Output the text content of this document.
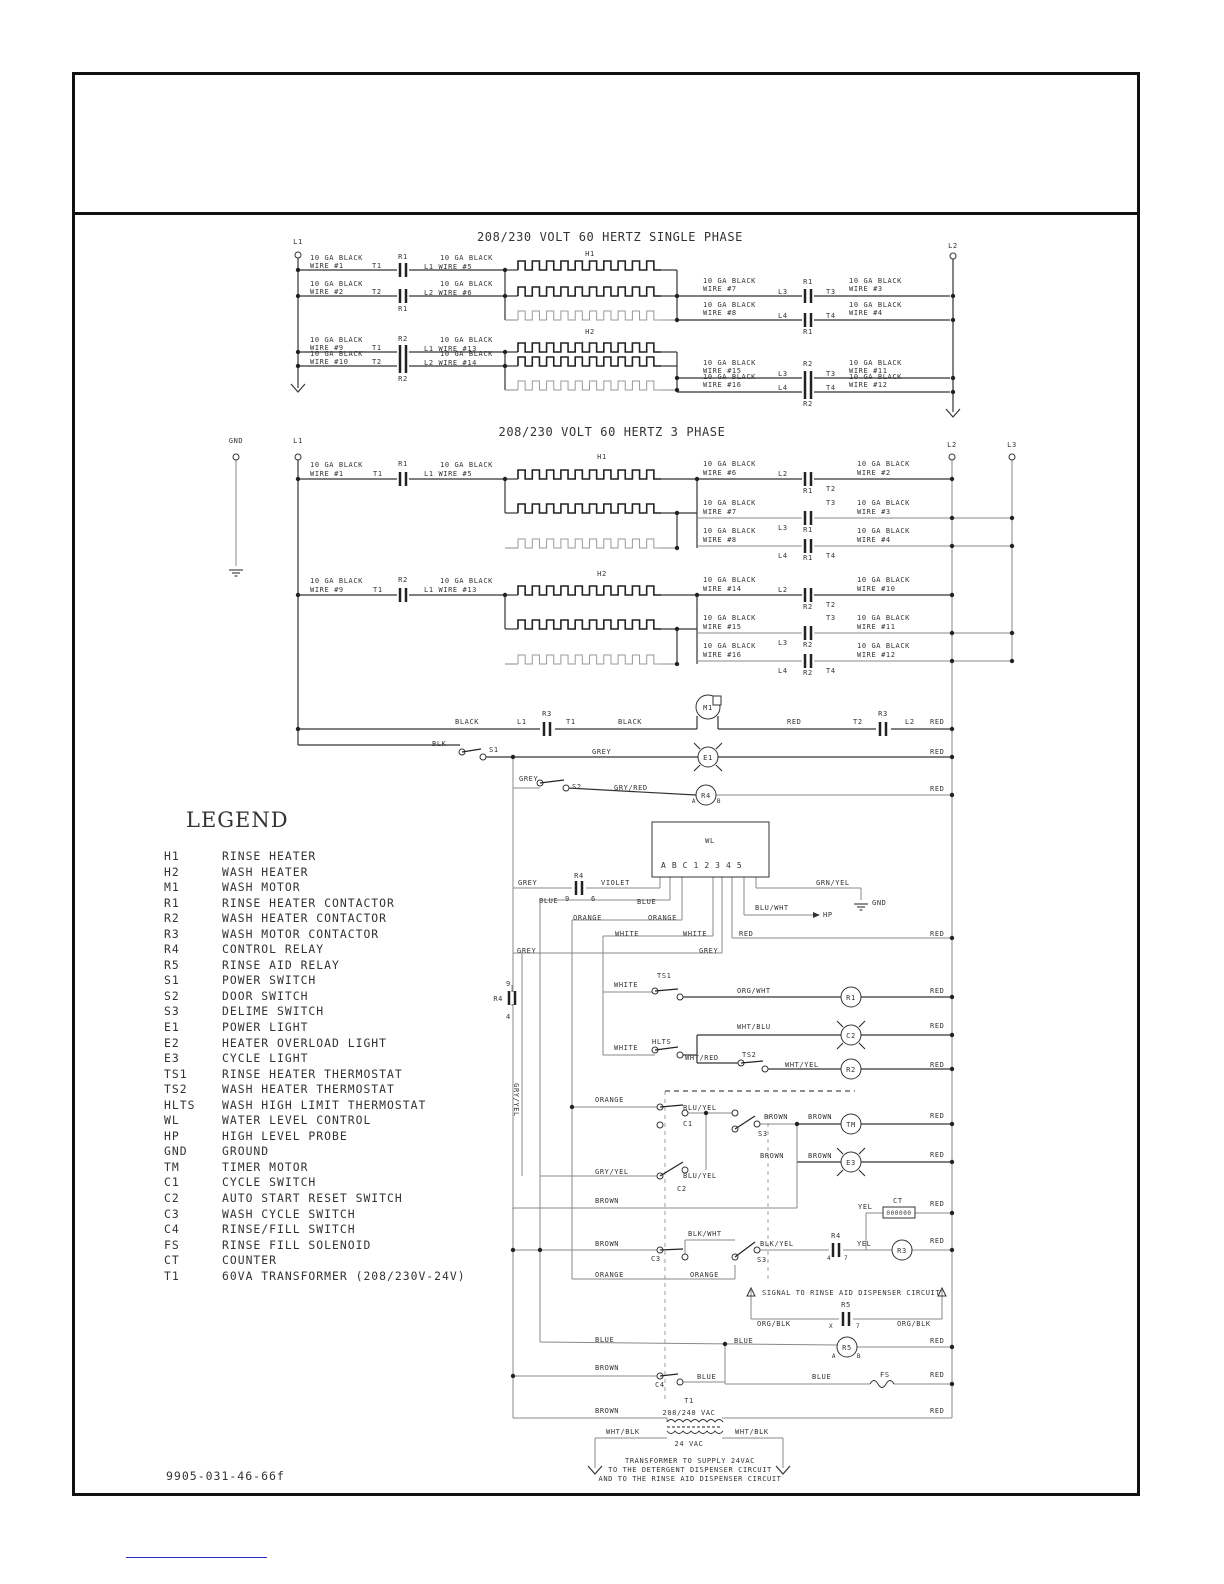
208/230 VOLT 60 HERTZ SINGLE PHASE
L1	L2
10 GA BLACK
WIRE #1	T1
R1
L1 WIRE #5
10 GA BLACK
10 GA BLACK
WIRE #2	T2
R1
L2 WIRE #6
10 GA BLACK
10 GA BLACK
WIRE #9	T1
R2
L1 WIRE #13
10 GA BLACK
10 GA BLACK
WIRE #10	T2
R2
L2 WIRE #14
10 GA BLACK
H1
H2
10 GA BLACK
WIRE #7	L3
R1
T3
10 GA BLACK
WIRE #3
10 GA BLACK
WIRE #8	L4
R1
T4
10 GA BLACK
WIRE #4
10 GA BLACK
WIRE #15	L3
R2
T3
10 GA BLACK
WIRE #11
10 GA BLACK
WIRE #16	L4
R2
T4
10 GA BLACK
WIRE #12
208/230 VOLT 60 HERTZ 3 PHASE
GND	L1	L2	L3
10 GA BLACK
WIRE #1	T1
R1
L1 WIRE #5
10 GA BLACK
H1
10 GA BLACK
WIRE #9	T1
R2
L1 WIRE #13
10 GA BLACK
H2
10 GA BLACK
WIRE #6	L2
R1 T2
10 GA BLACK
WIRE #2
10 GA BLACK
WIRE #7
L3 R1
T3	10 GA BLACK
WIRE #3
10 GA BLACK
WIRE #8
L4 R1 T4
10 GA BLACK
WIRE #4
10 GA BLACK
WIRE #14	L2
R2 T2
10 GA BLACK
WIRE #10
10 GA BLACK
WIRE #15
L3 R2
T3	10 GA BLACK
WIRE #11
10 GA BLACK
WIRE #16
L4 R2 T4
10 GA BLACK
WIRE #12
BLACK	L1
R3
T1	BLACK
M1
RED	T2
R3
L2 RED
BLK
S1	GREY
E1
RED
GREY
S2	GRY/RED
R4
A	B
RED
WL
A B C 1 2 3 4 5
GREY
R4
9	6
VIOLET
BLUE	BLUE
ORANGE	ORANGE
WHITE	WHITE
GREY	GREY
RED	RED
BLU/WHT
HP
GRN/YEL
GND
R4
9
4
WHITE
TS1
ORG/WHT
R1
RED
C2
WHT/BLU	RED
WHITE
HLTS
WHT/RED	TS2
WHT/YEL
R2
RED
ORANGE
BLU/YEL
C1
S3
BROWN	BROWN
TM
RED
E3
BROWN	BROWN	RED
GRY/YEL
GRY/YEL	BLU/YEL
C2
BROWN
000000
CT	RED
YEL
BROWN
C3
BLK/WHT
S3
BLK/YEL
R4
4 7
YEL
R3
RED
ORANGE	ORANGE
SIGNAL TO RINSE AID DISPENSER CIRCUIT
R5
X	7
ORG/BLK	ORG/BLK
BLUE	BLUE
R5
A	B
RED
BROWN
C4
BLUE	BLUE	FS	RED
BROWN
T1
208/240 VAC	RED
24 VAC
WHT/BLK	WHT/BLK
TRANSFORMER TO SUPPLY 24VAC
TO THE DETERGENT DISPENSER CIRCUIT
AND TO THE RINSE AID DISPENSER CIRCUIT
LEGEND
H1	RINSE HEATER
H2	WASH HEATER
M1	WASH MOTOR
R1	RINSE HEATER CONTACTOR
R2	WASH HEATER CONTACTOR
R3	WASH MOTOR CONTACTOR
R4	CONTROL RELAY
R5	RINSE AID RELAY
S1	POWER SWITCH
S2	DOOR SWITCH
S3	DELIME SWITCH
E1	POWER LIGHT
E2	HEATER OVERLOAD LIGHT
E3	CYCLE LIGHT
TS1	RINSE HEATER THERMOSTAT
TS2	WASH HEATER THERMOSTAT
HLTS WASH HIGH LIMIT THERMOSTAT
WL	WATER LEVEL CONTROL
HP	HIGH LEVEL PROBE
GND	GROUND
TM	TIMER MOTOR
C1	CYCLE SWITCH
C2	AUTO START RESET SWITCH
C3	WASH CYCLE SWITCH
C4	RINSE/FILL SWITCH
FS	RINSE FILL SOLENOID
CT	COUNTER
T1	60VA TRANSFORMER (208/230V-24V)
9905-031-46-66f
